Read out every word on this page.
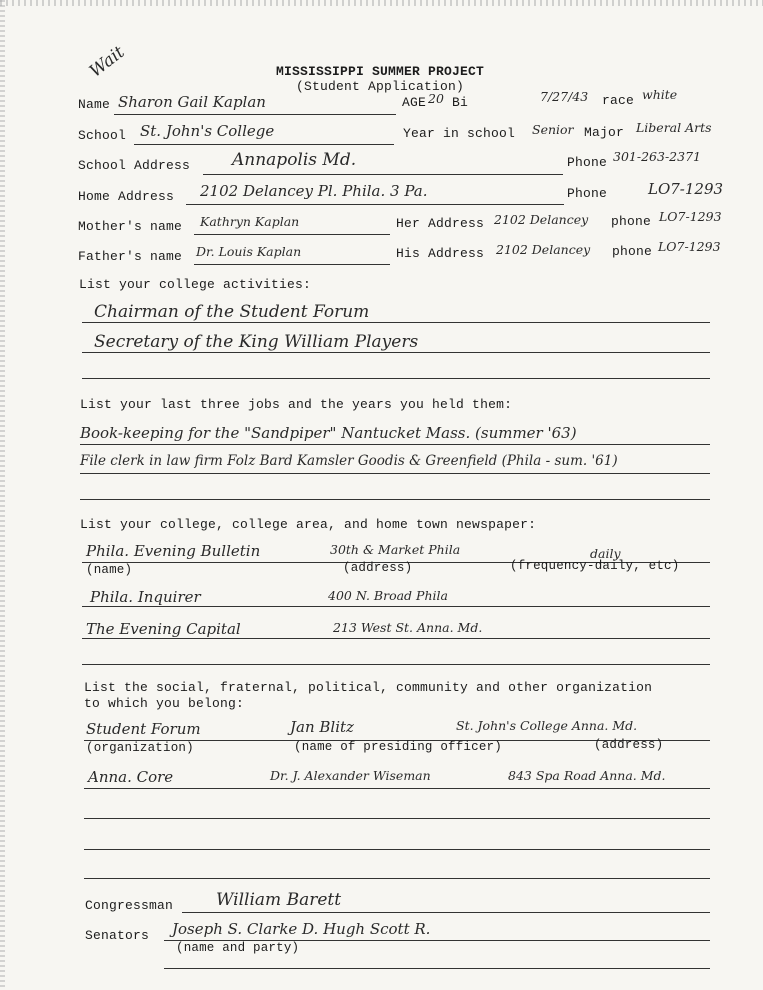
Wait	MISSISSIPPI SUMMER PROJECT
(Student Application)
Name Sharon Gail Kaplan	AGE 20 Bi	7/27/43 race white
School St. John's College	Year in school Senior Major Liberal Arts
School Address Annapolis Md.	Phone 301-263-2371
Home Address 2102 Delancey Pl. Phila. 3 Pa.	Phone	LO7-1293
Mother's name Kathryn Kaplan	Her Address 2102 Delancey phone LO7-1293
Father's name Dr. Louis Kaplan	His Address 2102 Delancey phone LO7-1293
List your college activities:
Chairman of the Student Forum
Secretary of the King William Players
List your last three jobs and the years you held them:
Book-keeping for the "Sandpiper" Nantucket Mass. (summer '63)
File clerk in law firm Folz Bard Kamsler Goodis & Greenfield (Phila - sum. '61)
List your college, college area, and home town newspaper:
Phila. Evening Bulletin	30th & Market Phila	daily
(name)	(address)	(frequency-daily, etc)
Phila. Inquirer	400 N. Broad Phila
The Evening Capital	213 West St. Anna. Md.
List the social, fraternal, political, community and other organization
to which you belong:
Student Forum	Jan Blitz	St. John's College Anna. Md.
(organization)	(name of presiding officer)	(address)
Anna. Core	Dr. J. Alexander Wiseman	843 Spa Road Anna. Md.
Congressman	William Barett
Senators Joseph S. Clarke D. Hugh Scott R.
(name and party)
